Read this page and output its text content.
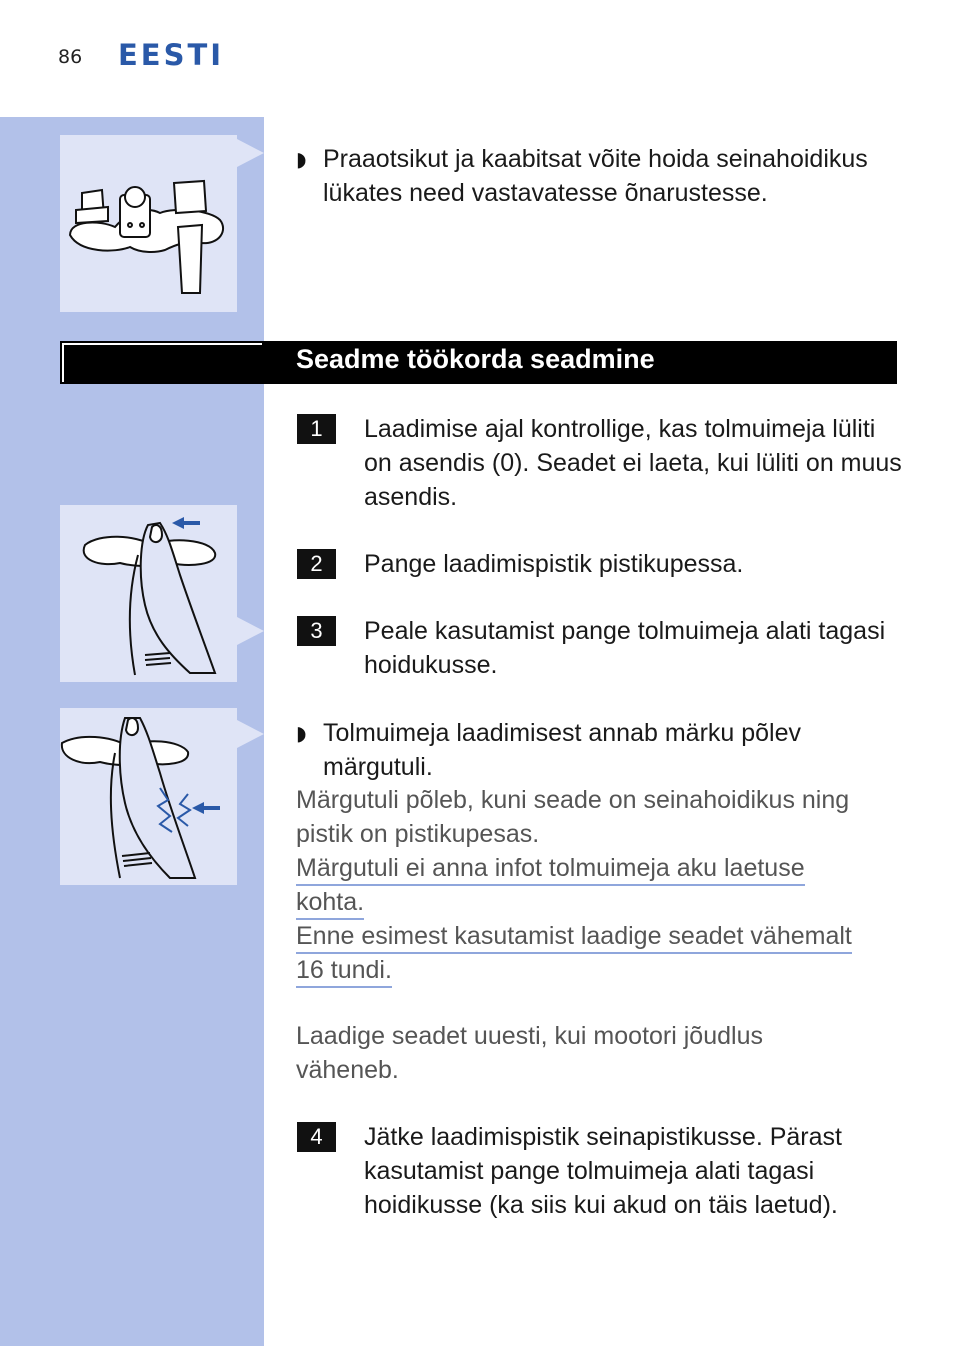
86 EESTI
◗ Praaotsikut ja kaabitsat võite hoida seinahoidikus lükates need vastavatesse õnarustesse.
Seadme töökorda seadmine
1	Laadimise ajal kontrollige, kas tolmuimeja lüliti on asendis (0). Seadet ei laeta, kui lüliti on muus asendis.
2	Pange laadimispistik pistikupessa.
3	Peale kasutamist pange tolmuimeja alati tagasi hoidukusse.
◗ Tolmuimeja laadimisest annab märku põlev märgutuli.
Märgutuli põleb, kuni seade on seinahoidikus ning pistik on pistikupesas.
Märgutuli ei anna infot tolmuimeja aku laetuse kohta.
Enne esimest kasutamist laadige seadet vähemalt 16 tundi.
Laadige seadet uuesti, kui mootori jõudlus väheneb.
4	Jätke laadimispistik seinapistikusse. Pärast kasutamist pange tolmuimeja alati tagasi hoidikusse (ka siis kui akud on täis laetud).
